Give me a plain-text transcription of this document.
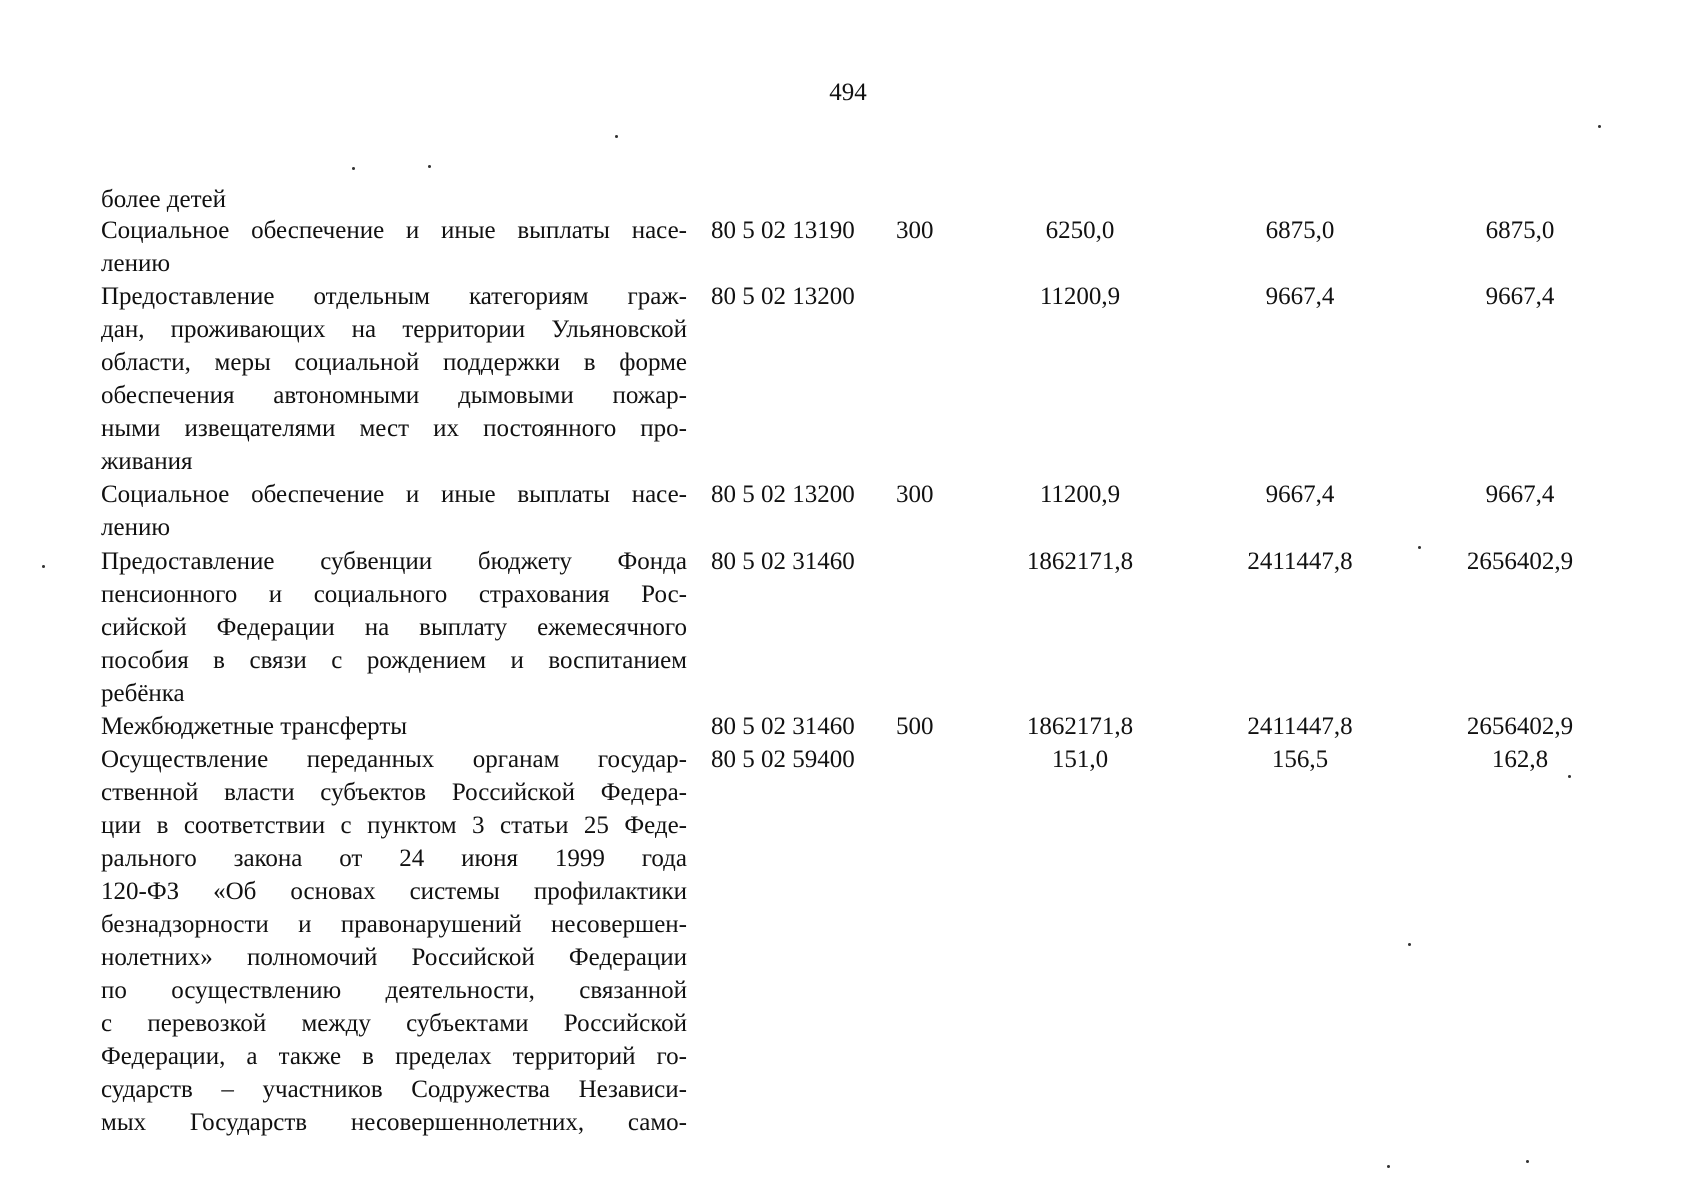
494
более детей
Социальное обеспечение и иные выплаты насе-
лению
80 5 02 13190 300	6250,0	6875,0	6875,0
Предоставление отдельным категориям граж-
дан, проживающих на территории Ульяновской
области, меры социальной поддержки в форме
обеспечения автономными дымовыми пожар-
ными извещателями мест их постоянного про-
живания
80 5 02 13200	11200,9	9667,4	9667,4
Социальное обеспечение и иные выплаты насе-
лению
80 5 02 13200 300	11200,9	9667,4	9667,4
Предоставление субвенции бюджету Фонда
пенсионного и социального страхования Рос-
сийской Федерации на выплату ежемесячного
пособия в связи с рождением и воспитанием
ребёнка
80 5 02 31460	1862171,8	2411447,8	2656402,9
Межбюджетные трансферты	80 5 02 31460 500	1862171,8	2411447,8	2656402,9
Осуществление переданных органам государ-
ственной власти субъектов Российской Федера-
ции в соответствии с пунктом 3 статьи 25 Феде-
рального закона от 24 июня 1999 года
120-ФЗ «Об основах системы профилактики
безнадзорности и правонарушений несовершен-
нолетних» полномочий Российской Федерации
по осуществлению деятельности, связанной
с перевозкой между субъектами Российской
Федерации, а также в пределах территорий го-
сударств – участников Содружества Независи-
мых Государств несовершеннолетних, само-
80 5 02 59400	151,0	156,5	162,8
